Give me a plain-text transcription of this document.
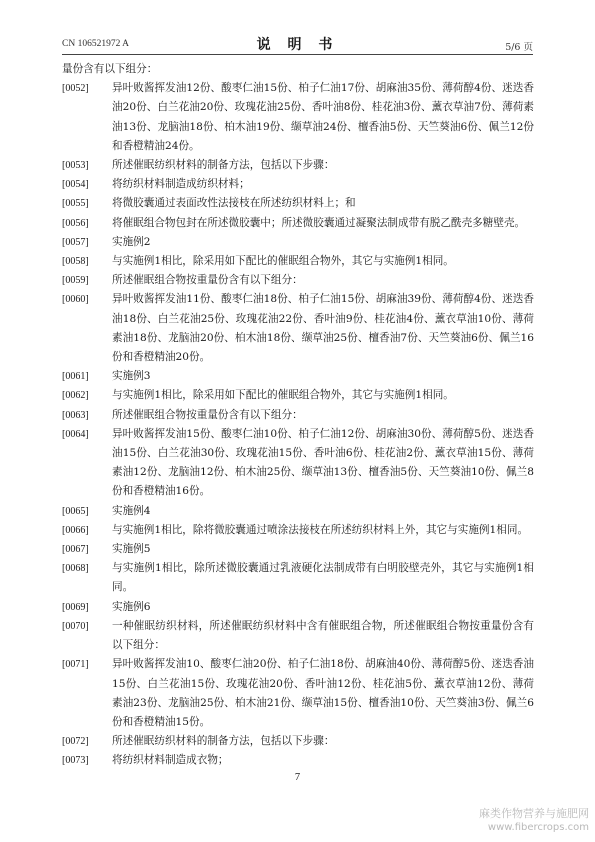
CN 106521972 A	说 明 书	5/6 页

量份含有以下组分：

[0052]	异叶败酱挥发油12份、酸枣仁油15份、柏子仁油17份、胡麻油35份、薄荷醇4份、迷迭香油20份、白兰花油20份、玫瑰花油25份、香叶油8份、桂花油3份、薰衣草油7份、薄荷素油13份、龙脑油18份、柏木油19份、缬草油24份、檀香油5份、天竺葵油6份、佩兰12份和香橙精油24份。
[0053]	所述催眠纺织材料的制备方法，包括以下步骤：
[0054]	将纺织材料制造成纺织材料；
[0055]	将微胶囊通过表面改性法接枝在所述纺织材料上；和
[0056]	将催眠组合物包封在所述微胶囊中；所述微胶囊通过凝聚法制成带有脱乙酰壳多糖壁壳。
[0057]	实施例2
[0058]	与实施例1相比，除采用如下配比的催眠组合物外，其它与实施例1相同。
[0059]	所述催眠组合物按重量份含有以下组分：
[0060]	异叶败酱挥发油11份、酸枣仁油18份、柏子仁油15份、胡麻油39份、薄荷醇4份、迷迭香油18份、白兰花油25份、玫瑰花油22份、香叶油9份、桂花油4份、薰衣草油10份、薄荷素油18份、龙脑油20份、柏木油18份、缬草油25份、檀香油7份、天竺葵油6份、佩兰16份和香橙精油20份。
[0061]	实施例3
[0062]	与实施例1相比，除采用如下配比的催眠组合物外，其它与实施例1相同。
[0063]	所述催眠组合物按重量份含有以下组分：
[0064]	异叶败酱挥发油15份、酸枣仁油10份、柏子仁油12份、胡麻油30份、薄荷醇5份、迷迭香油15份、白兰花油30份、玫瑰花油15份、香叶油6份、桂花油2份、薰衣草油15份、薄荷素油12份、龙脑油12份、柏木油25份、缬草油13份、檀香油5份、天竺葵油10份、佩兰8份和香橙精油16份。
[0065]	实施例4
[0066]	与实施例1相比，除将微胶囊通过喷涂法接枝在所述纺织材料上外，其它与实施例1相同。
[0067]	实施例5
[0068]	与实施例1相比，除所述微胶囊通过乳液硬化法制成带有白明胶壁壳外，其它与实施例1相同。
[0069]	实施例6
[0070]	一种催眠纺织材料，所述催眠纺织材料中含有催眠组合物，所述催眠组合物按重量份含有以下组分：
[0071]	异叶败酱挥发油10、酸枣仁油20份、柏子仁油18份、胡麻油40份、薄荷醇5份、迷迭香油15份、白兰花油15份、玫瑰花油20份、香叶油12份、桂花油5份、薰衣草油12份、薄荷素油23份、龙脑油25份、柏木油21份、缬草油15份、檀香油10份、天竺葵油3份、佩兰6份和香橙精油15份。
[0072]	所述催眠纺织材料的制备方法，包括以下步骤：
[0073]	将纺织材料制造成衣物；
7
麻类作物营养与施肥网
www.fibercrops.com
